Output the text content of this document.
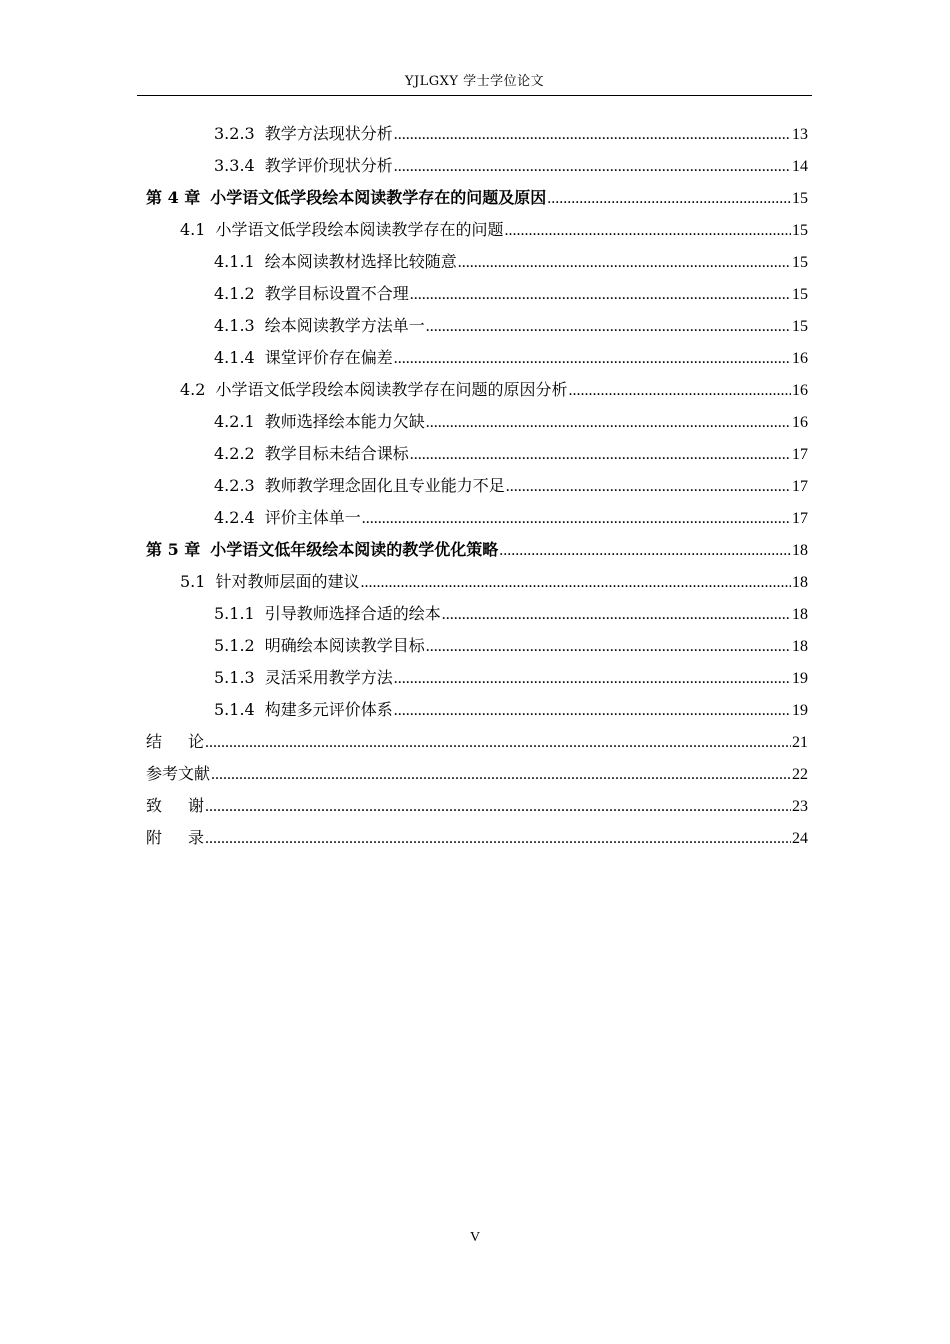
YJLGXY 学士学位论文
3.2.3 教学方法现状分析 .....	13
3.3.4 教学评价现状分析 .....	14
第 4 章 小学语文低学段绘本阅读教学存在的问题及原因 .....	15
4.1 小学语文低学段绘本阅读教学存在的问题 .....	15
4.1.1 绘本阅读教材选择比较随意 .....	15
4.1.2 教学目标设置不合理 .....	15
4.1.3 绘本阅读教学方法单一 .....	15
4.1.4 课堂评价存在偏差 .....	16
4.2 小学语文低学段绘本阅读教学存在问题的原因分析 .....	16
4.2.1 教师选择绘本能力欠缺 .....	16
4.2.2 教学目标未结合课标 .....	17
4.2.3 教师教学理念固化且专业能力不足 .....	17
4.2.4 评价主体单一 .....	17
第 5 章 小学语文低年级绘本阅读的教学优化策略 .....	18
5.1 针对教师层面的建议 .....	18
5.1.1 引导教师选择合适的绘本 .....	18
5.1.2 明确绘本阅读教学目标 .....	18
5.1.3 灵活采用教学方法 .....	19
5.1.4 构建多元评价体系 .....	19
结论 .....	21
参考文献 .....	22
致谢 .....	23
附录 .....	24
V
